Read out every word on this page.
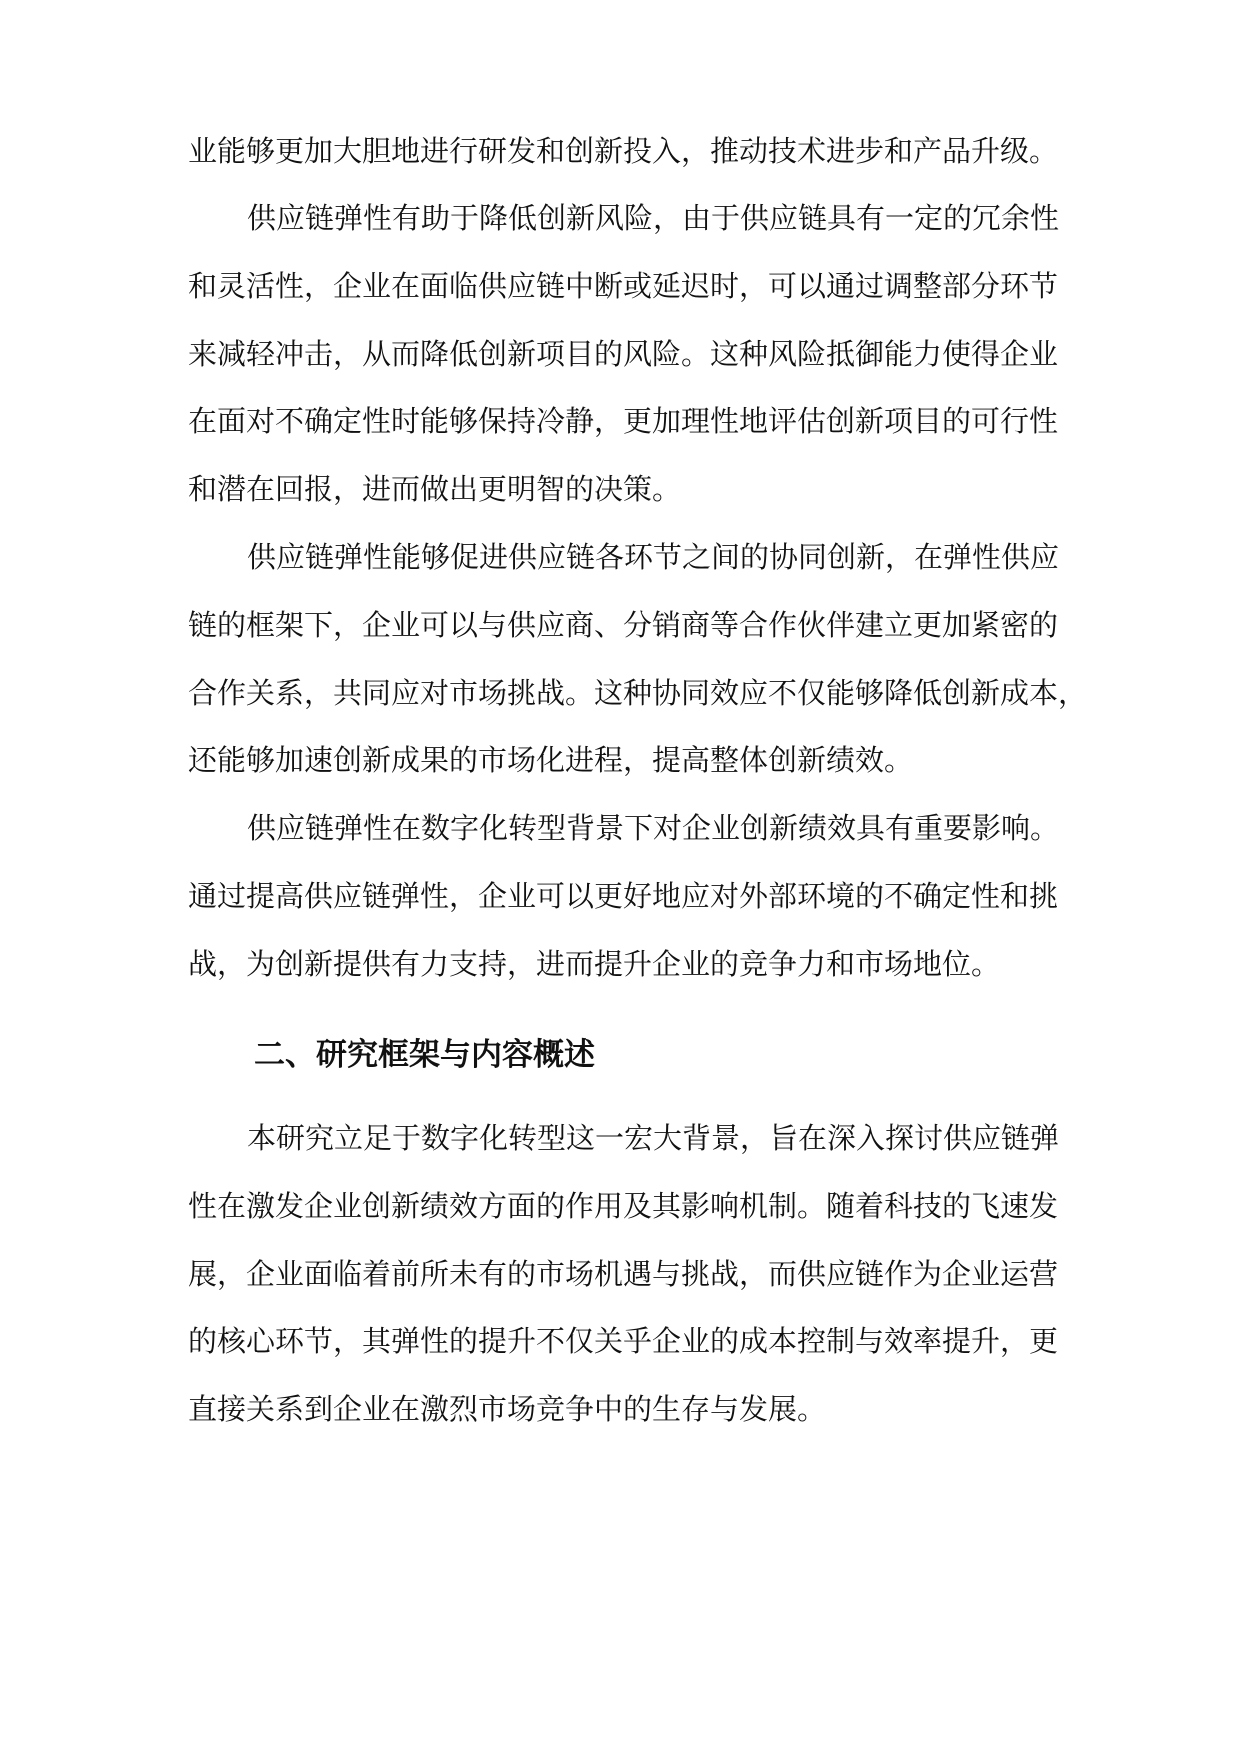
业能够更加大胆地进行研发和创新投入，推动技术进步和产品升级。

供应链弹性有助于降低创新风险，由于供应链具有一定的冗余性

和灵活性，企业在面临供应链中断或延迟时，可以通过调整部分环节

来减轻冲击，从而降低创新项目的风险。这种风险抵御能力使得企业

在面对不确定性时能够保持冷静，更加理性地评估创新项目的可行性

和潜在回报，进而做出更明智的决策。

供应链弹性能够促进供应链各环节之间的协同创新，在弹性供应

链的框架下，企业可以与供应商、分销商等合作伙伴建立更加紧密的

合作关系，共同应对市场挑战。这种协同效应不仅能够降低创新成本，

还能够加速创新成果的市场化进程，提高整体创新绩效。

供应链弹性在数字化转型背景下对企业创新绩效具有重要影响。

通过提高供应链弹性，企业可以更好地应对外部环境的不确定性和挑

战，为创新提供有力支持，进而提升企业的竞争力和市场地位。

二、研究框架与内容概述

本研究立足于数字化转型这一宏大背景，旨在深入探讨供应链弹

性在激发企业创新绩效方面的作用及其影响机制。随着科技的飞速发

展，企业面临着前所未有的市场机遇与挑战，而供应链作为企业运营

的核心环节，其弹性的提升不仅关乎企业的成本控制与效率提升，更

直接关系到企业在激烈市场竞争中的生存与发展。
